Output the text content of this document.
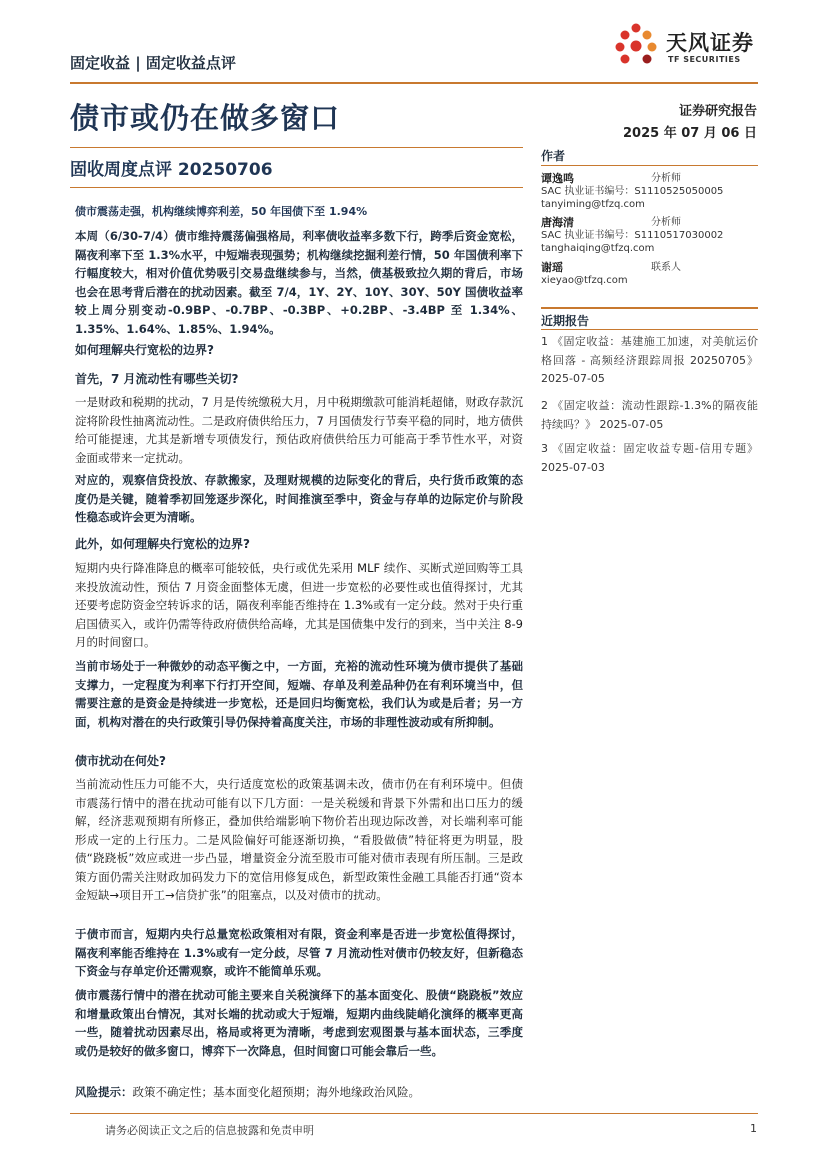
固定收益 | 固定收益点评
天风证券
TF SECURITIES
债市或仍在做多窗口	证券研究报告
2025 年 07 月 06 日
固收周度点评 20250706
债市震荡走强，机构继续博弈利差，50 年国债下至 1.94%
本周（6/30-7/4）债市维持震荡偏强格局，利率债收益率多数下行，跨季后资金宽松，隔夜利率下至 1.3%水平，中短端表现强势；机构继续挖掘利差行情，50 年国债利率下行幅度较大，相对价值优势吸引交易盘继续参与，当然，债基极致拉久期的背后，市场也会在思考背后潜在的扰动因素。截至 7/4，1Y、2Y、10Y、30Y、50Y 国债收益率较上周分别变动-0.9BP、-0.7BP、-0.3BP、+0.2BP、-3.4BP 至 1.34%、1.35%、1.64%、1.85%、1.94%。
如何理解央行宽松的边界?
首先，7 月流动性有哪些关切?
一是财政和税期的扰动，7 月是传统缴税大月，月中税期缴款可能消耗超储，财政存款沉淀将阶段性抽离流动性。二是政府债供给压力，7 月国债发行节奏平稳的同时，地方债供给可能提速，尤其是新增专项债发行，预估政府债供给压力可能高于季节性水平，对资金面或带来一定扰动。
对应的，观察信贷投放、存款搬家，及理财规模的边际变化的背后，央行货币政策的态度仍是关键，随着季初回笼逐步深化，时间推演至季中，资金与存单的边际定价与阶段性稳态或许会更为清晰。
此外，如何理解央行宽松的边界?
短期内央行降准降息的概率可能较低，央行或优先采用 MLF 续作、买断式逆回购等工具来投放流动性，预估 7 月资金面整体无虞，但进一步宽松的必要性或也值得探讨，尤其还要考虑防资金空转诉求的话，隔夜利率能否维持在 1.3%或有一定分歧。然对于央行重启国债买入，或许仍需等待政府债供给高峰，尤其是国债集中发行的到来，当中关注 8-9 月的时间窗口。
当前市场处于一种微妙的动态平衡之中，一方面，充裕的流动性环境为债市提供了基础支撑力，一定程度为利率下行打开空间，短端、存单及利差品种仍在有利环境当中，但需要注意的是资金是持续进一步宽松，还是回归均衡宽松，我们认为或是后者；另一方面，机构对潜在的央行政策引导仍保持着高度关注，市场的非理性波动或有所抑制。
债市扰动在何处?
当前流动性压力可能不大，央行适度宽松的政策基调未改，债市仍在有利环境中。但债市震荡行情中的潜在扰动可能有以下几方面：一是关税缓和背景下外需和出口压力的缓解，经济悲观预期有所修正，叠加供给端影响下物价若出现边际改善，对长端利率可能形成一定的上行压力。二是风险偏好可能逐渐切换，“看股做债”特征将更为明显，股债“跷跷板”效应或进一步凸显，增量资金分流至股市可能对债市表现有所压制。三是政策方面仍需关注财政加码发力下的宽信用修复成色，新型政策性金融工具能否打通“资本金短缺→项目开工→信贷扩张”的阻塞点，以及对债市的扰动。
于债市而言，短期内央行总量宽松政策相对有限，资金利率是否进一步宽松值得探讨，隔夜利率能否维持在 1.3%或有一定分歧，尽管 7 月流动性对债市仍较友好，但新稳态下资金与存单定价还需观察，或许不能简单乐观。
债市震荡行情中的潜在扰动可能主要来自关税演绎下的基本面变化、股债“跷跷板”效应和增量政策出台情况，其对长端的扰动或大于短端，短期内曲线陡峭化演绎的概率更高一些，随着扰动因素尽出，格局或将更为清晰，考虑到宏观图景与基本面状态，三季度或仍是较好的做多窗口，博弈下一次降息，但时间窗口可能会靠后一些。
风险提示：政策不确定性；基本面变化超预期；海外地缘政治风险。
作者
谭逸鸣	分析师
SAC 执业证书编号：S1110525050005
tanyiming@tfzq.com
唐海清	分析师
SAC 执业证书编号：S1110517030002
tanghaiqing@tfzq.com
谢瑶	联系人
xieyao@tfzq.com
近期报告
1 《固定收益：基建施工加速，对美航运价格回落 - 高频经济跟踪周报 20250705》 2025-07-05
2 《固定收益：流动性跟踪-1.3%的隔夜能持续吗？》 2025-07-05
3 《固定收益：固定收益专题-信用专题》 2025-07-03
请务必阅读正文之后的信息披露和免责申明	1
